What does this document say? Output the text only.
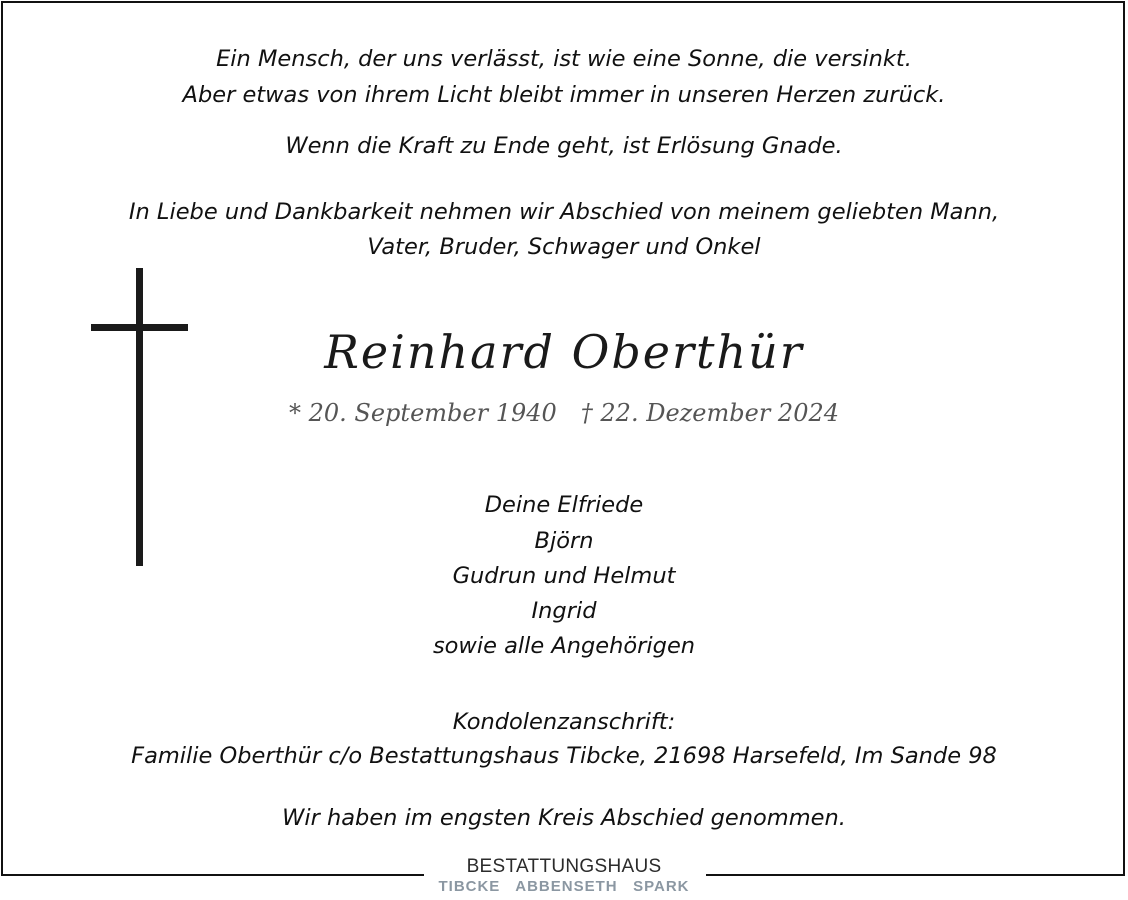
Ein Mensch, der uns verlässt, ist wie eine Sonne, die versinkt.
Aber etwas von ihrem Licht bleibt immer in unseren Herzen zurück.
Wenn die Kraft zu Ende geht, ist Erlösung Gnade.
In Liebe und Dankbarkeit nehmen wir Abschied von meinem geliebten Mann,
Vater, Bruder, Schwager und Onkel
Reinhard Oberthür
* 20. September 1940 † 22. Dezember 2024
Deine Elfriede
Björn
Gudrun und Helmut
Ingrid
sowie alle Angehörigen
Kondolenzanschrift:
Familie Oberthür c/o Bestattungshaus Tibcke, 21698 Harsefeld, Im Sande 98
Wir haben im engsten Kreis Abschied genommen.
BESTATTUNGSHAUS
TIBCKE   ABBENSETH   SPARK
